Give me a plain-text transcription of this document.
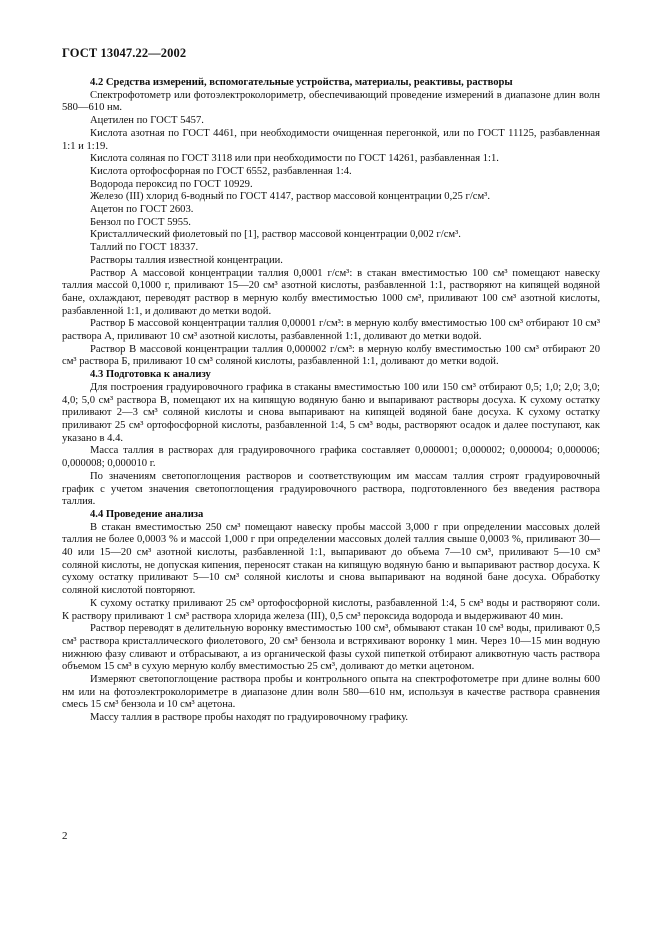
ГОСТ 13047.22—2002

4.2 Средства измерений, вспомогательные устройства, материалы, реактивы, растворы

Спектрофотометр или фотоэлектроколориметр, обеспечивающий проведение измерений в диапазоне длин волн 580—610 нм.

Ацетилен по ГОСТ 5457.

Кислота азотная по ГОСТ 4461, при необходимости очищенная перегонкой, или по ГОСТ 11125, разбавленная 1:1 и 1:19.

Кислота соляная по ГОСТ 3118 или при необходимости по ГОСТ 14261, разбавленная 1:1.

Кислота ортофосфорная по ГОСТ 6552, разбавленная 1:4.

Водорода пероксид по ГОСТ 10929.

Железо (III) хлорид 6-водный по ГОСТ 4147, раствор массовой концентрации 0,25 г/см³.

Ацетон по ГОСТ 2603.

Бензол по ГОСТ 5955.

Кристаллический фиолетовый по [1], раствор массовой концентрации 0,002 г/см³.

Таллий по ГОСТ 18337.

Растворы таллия известной концентрации.

Раствор А массовой концентрации таллия 0,0001 г/см³: в стакан вместимостью 100 см³ помещают навеску таллия массой 0,1000 г, приливают 15—20 см³ азотной кислоты, разбавленной 1:1, растворяют на кипящей водяной бане, охлаждают, переводят раствор в мерную колбу вместимостью 1000 см³, приливают 100 см³ азотной кислоты, разбавленной 1:1, и доливают до метки водой.

Раствор Б массовой концентрации таллия 0,00001 г/см³: в мерную колбу вместимостью 100 см³ отбирают 10 см³ раствора А, приливают 10 см³ азотной кислоты, разбавленной 1:1, доливают до метки водой.

Раствор В массовой концентрации таллия 0,000002 г/см³: в мерную колбу вместимостью 100 см³ отбирают 20 см³ раствора Б, приливают 10 см³ соляной кислоты, разбавленной 1:1, доливают до метки водой.

4.3 Подготовка к анализу

Для построения градуировочного графика в стаканы вместимостью 100 или 150 см³ отбирают 0,5; 1,0; 2,0; 3,0; 4,0; 5,0 см³ раствора В, помещают их на кипящую водяную баню и выпаривают растворы досуха. К сухому остатку приливают 2—3 см³ соляной кислоты и снова выпаривают на кипящей водяной бане досуха. К сухому остатку приливают 25 см³ ортофосфорной кислоты, разбавленной 1:4, 5 см³ воды, растворяют осадок и далее поступают, как указано в 4.4.

Масса таллия в растворах для градуировочного графика составляет 0,000001; 0,000002; 0,000004; 0,000006; 0,000008; 0,000010 г.

По значениям светопоглощения растворов и соответствующим им массам таллия строят градуировочный график с учетом значения светопоглощения градуировочного раствора, подготовленного без введения раствора таллия.

4.4 Проведение анализа

В стакан вместимостью 250 см³ помещают навеску пробы массой 3,000 г при определении массовых долей таллия не более 0,0003 % и массой 1,000 г при определении массовых долей таллия свыше 0,0003 %, приливают 30—40 или 15—20 см³ азотной кислоты, разбавленной 1:1, выпаривают до объема 7—10 см³, приливают 5—10 см³ соляной кислоты, не допуская кипения, переносят стакан на кипящую водяную баню и выпаривают раствор досуха. К сухому остатку приливают 5—10 см³ соляной кислоты и снова выпаривают на водяной бане досуха. Обработку соляной кислотой повторяют.

К сухому остатку приливают 25 см³ ортофосфорной кислоты, разбавленной 1:4, 5 см³ воды и растворяют соли. К раствору приливают 1 см³ раствора хлорида железа (III), 0,5 см³ пероксида водорода и выдерживают 40 мин.

Раствор переводят в делительную воронку вместимостью 100 см³, обмывают стакан 10 см³ воды, приливают 0,5 см³ раствора кристаллического фиолетового, 20 см³ бензола и встряхивают воронку 1 мин. Через 10—15 мин водную нижнюю фазу сливают и отбрасывают, а из органической фазы сухой пипеткой отбирают аликвотную часть раствора объемом 15 см³ в сухую мерную колбу вместимостью 25 см³, доливают до метки ацетоном.

Измеряют светопоглощение раствора пробы и контрольного опыта на спектрофотометре при длине волны 600 нм или на фотоэлектроколориметре в диапазоне длин волн 580—610 нм, используя в качестве раствора сравнения смесь 15 см³ бензола и 10 см³ ацетона.

Массу таллия в растворе пробы находят по градуировочному графику.

2
